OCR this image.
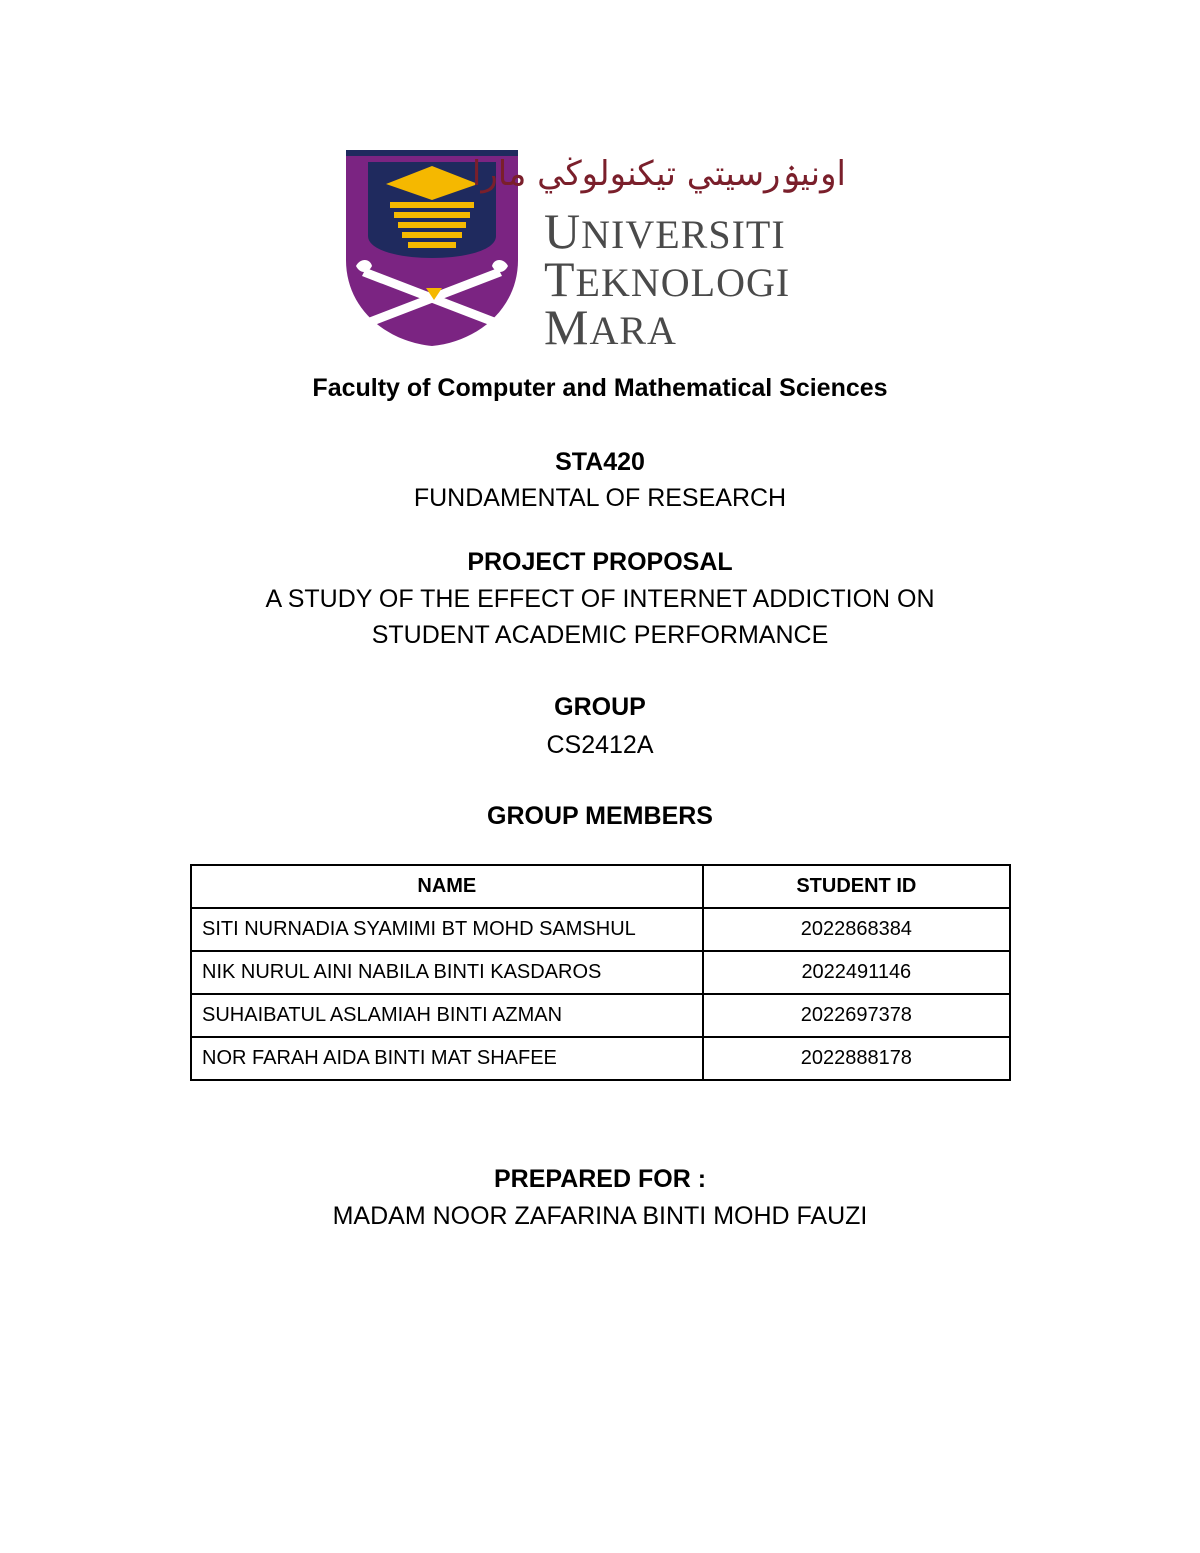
اونيۏرسيتي تيكنولوڬي مارا
UNIVERSITI
TEKNOLOGI
MARA
Faculty of Computer and Mathematical Sciences
STA420
FUNDAMENTAL OF RESEARCH
PROJECT PROPOSAL
A STUDY OF THE EFFECT OF INTERNET ADDICTION ON
STUDENT ACADEMIC PERFORMANCE
GROUP
CS2412A
GROUP MEMBERS
NAME	STUDENT ID
SITI NURNADIA SYAMIMI BT MOHD SAMSHUL	2022868384
NIK NURUL AINI NABILA BINTI KASDAROS	2022491146
SUHAIBATUL ASLAMIAH BINTI AZMAN	2022697378
NOR FARAH AIDA BINTI MAT SHAFEE	2022888178
PREPARED FOR :
MADAM NOOR ZAFARINA BINTI MOHD FAUZI
